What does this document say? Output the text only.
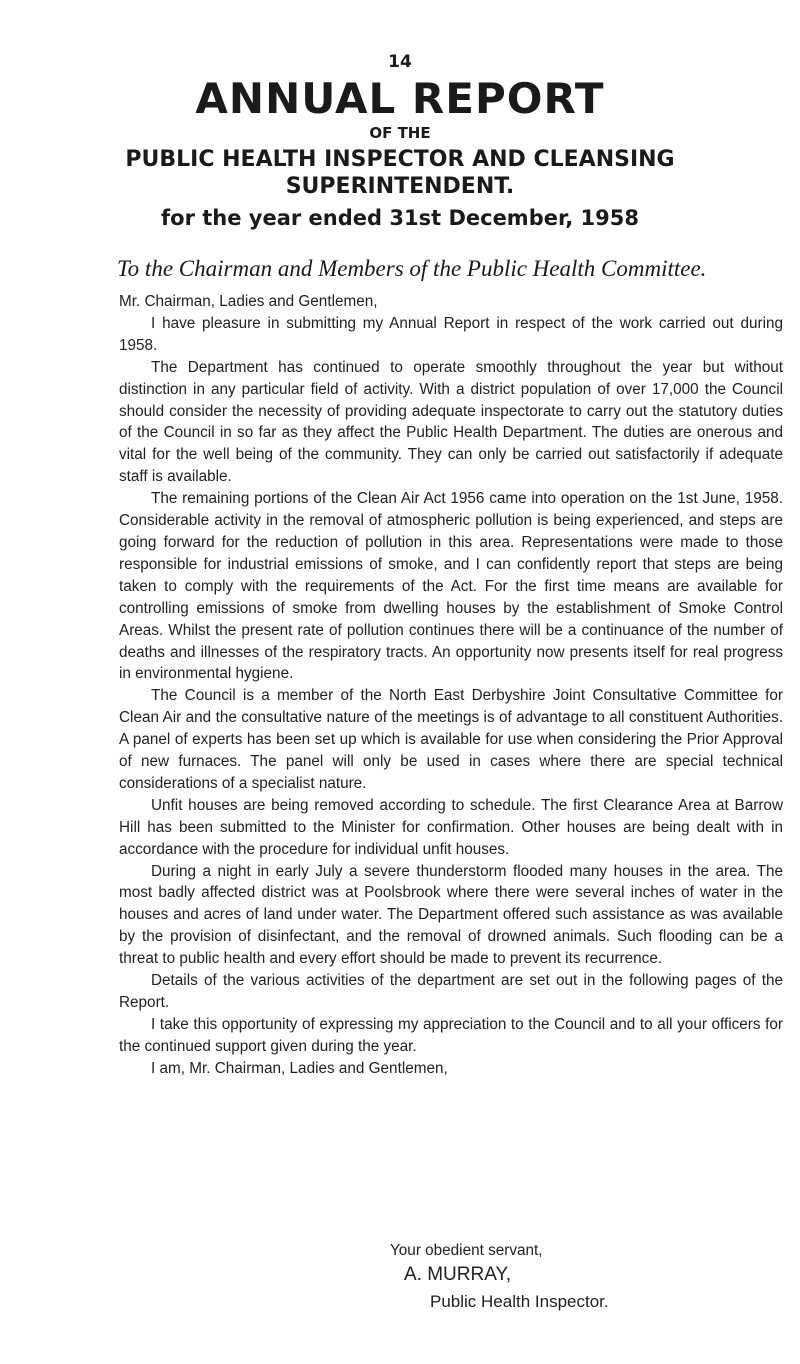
14
ANNUAL REPORT
OF THE
PUBLIC HEALTH INSPECTOR AND CLEANSING
SUPERINTENDENT.
for the year ended 31st December, 1958
To the Chairman and Members of the Public Health Committee.

Mr. Chairman, Ladies and Gentlemen,

I have pleasure in submitting my Annual Report in respect of the work carried out during 1958.

The Department has continued to operate smoothly throughout the year but without distinction in any particular field of activity. With a district population of over 17,000 the Council should consider the necessity of providing adequate inspectorate to carry out the statutory duties of the Council in so far as they affect the Public Health Department. The duties are onerous and vital for the well being of the community. They can only be carried out satisfactorily if adequate staff is available.

The remaining portions of the Clean Air Act 1956 came into operation on the 1st June, 1958. Considerable activity in the removal of atmospheric pollution is being experienced, and steps are going forward for the reduction of pollution in this area. Representations were made to those responsible for industrial emissions of smoke, and I can confidently report that steps are being taken to comply with the requirements of the Act. For the first time means are available for controlling emissions of smoke from dwelling houses by the establishment of Smoke Control Areas. Whilst the present rate of pollution continues there will be a continuance of the number of deaths and illnesses of the respiratory tracts. An opportunity now presents itself for real progress in environmental hygiene.

The Council is a member of the North East Derbyshire Joint Consultative Committee for Clean Air and the consultative nature of the meetings is of advantage to all constituent Authorities. A panel of experts has been set up which is available for use when considering the Prior Approval of new furnaces. The panel will only be used in cases where there are special technical considerations of a specialist nature.

Unfit houses are being removed according to schedule. The first Clearance Area at Barrow Hill has been submitted to the Minister for confirmation. Other houses are being dealt with in accordance with the procedure for individual unfit houses.

During a night in early July a severe thunderstorm flooded many houses in the area. The most badly affected district was at Poolsbrook where there were several inches of water in the houses and acres of land under water. The Department offered such assistance as was available by the provision of disinfectant, and the removal of drowned animals. Such flooding can be a threat to public health and every effort should be made to prevent its recurrence.

Details of the various activities of the department are set out in the following pages of the Report.

I take this opportunity of expressing my appreciation to the Council and to all your officers for the continued support given during the year.

I am, Mr. Chairman, Ladies and Gentlemen,

Your obedient servant,
A. MURRAY,
Public Health Inspector.
